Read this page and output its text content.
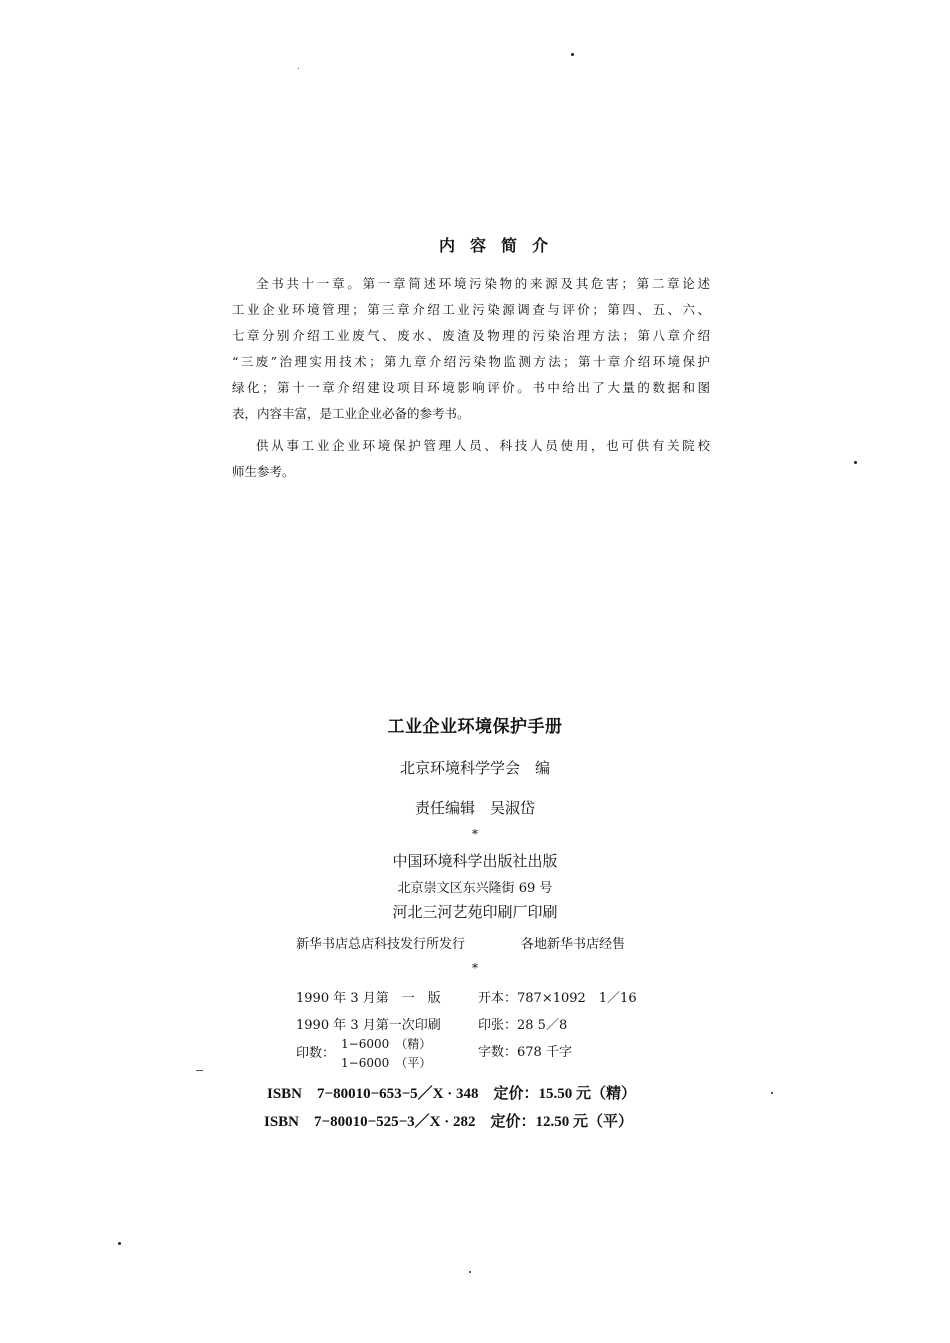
内容简介
全书共十一章。第一章简述环境污染物的来源及其危害；第二章论述
工业企业环境管理；第三章介绍工业污染源调查与评价；第四、五、六、
七章分别介绍工业废气、废水、废渣及物理的污染治理方法；第八章介绍
“三废”治理实用技术；第九章介绍污染物监测方法；第十章介绍环境保护
绿化；第十一章介绍建设项目环境影响评价。书中给出了大量的数据和图
表，内容丰富，是工业企业必备的参考书。
供从事工业企业环境保护管理人员、科技人员使用，也可供有关院校
师生参考。
工业企业环境保护手册
北京环境科学学会　编
责任编辑　吴淑岱
*
中国环境科学出版社出版
北京崇文区东兴隆街 69 号
河北三河艺苑印刷厂印刷
新华书店总店科技发行所发行	各地新华书店经售
*
1990 年 3 月第　一　版	开本：787×1092　1／16
1990 年 3 月第一次印刷	印张：28 5／8
印数：
1−6000　（精）
1−6000　（平）
字数：678 千字
ISBN　7−80010−653−5／X · 348　定价：15.50 元（精）
ISBN　7−80010−525−3／X · 282　定价：12.50 元（平）
